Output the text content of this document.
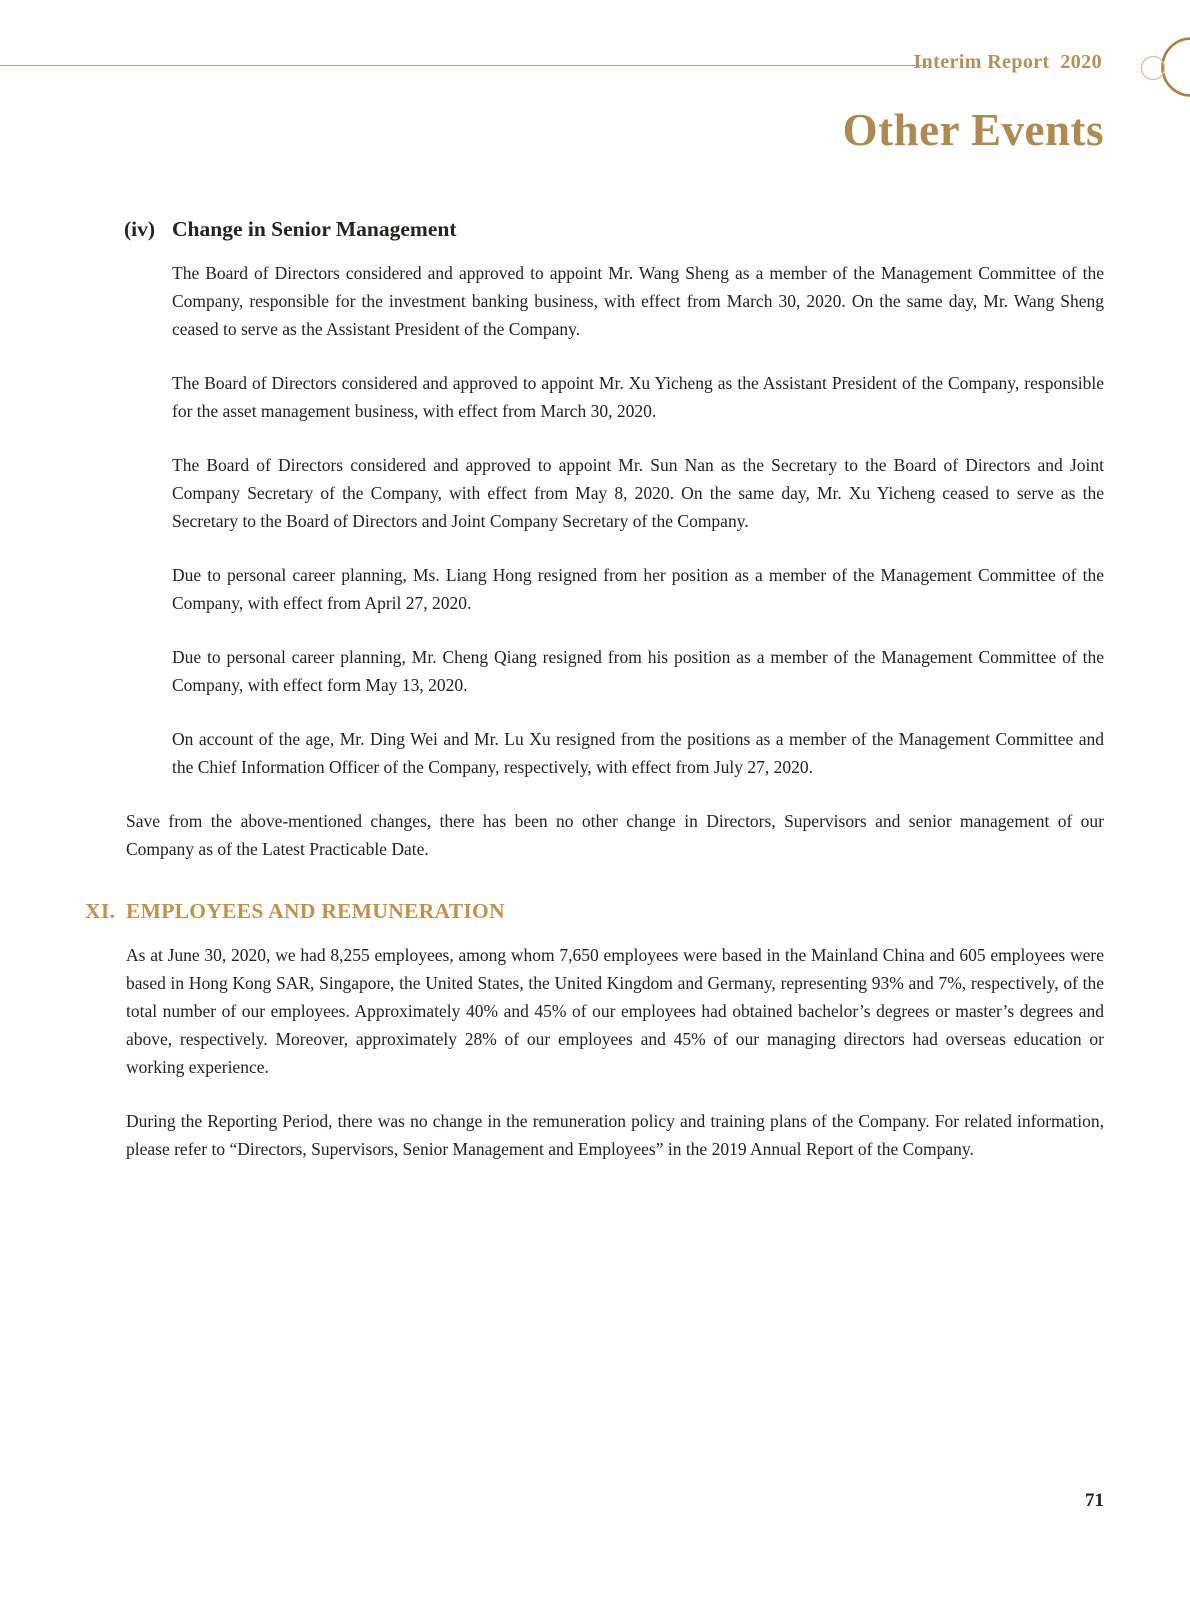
Interim Report  2020
Other Events
(iv) Change in Senior Management

The Board of Directors considered and approved to appoint Mr. Wang Sheng as a member of the Management Committee of the Company, responsible for the investment banking business, with effect from March 30, 2020. On the same day, Mr. Wang Sheng ceased to serve as the Assistant President of the Company.

The Board of Directors considered and approved to appoint Mr. Xu Yicheng as the Assistant President of the Company, responsible for the asset management business, with effect from March 30, 2020.

The Board of Directors considered and approved to appoint Mr. Sun Nan as the Secretary to the Board of Directors and Joint Company Secretary of the Company, with effect from May 8, 2020. On the same day, Mr. Xu Yicheng ceased to serve as the Secretary to the Board of Directors and Joint Company Secretary of the Company.

Due to personal career planning, Ms. Liang Hong resigned from her position as a member of the Management Committee of the Company, with effect from April 27, 2020.

Due to personal career planning, Mr. Cheng Qiang resigned from his position as a member of the Management Committee of the Company, with effect form May 13, 2020.

On account of the age, Mr. Ding Wei and Mr. Lu Xu resigned from the positions as a member of the Management Committee and the Chief Information Officer of the Company, respectively, with effect from July 27, 2020.

Save from the above-mentioned changes, there has been no other change in Directors, Supervisors and senior management of our Company as of the Latest Practicable Date.

XI. EMPLOYEES AND REMUNERATION

As at June 30, 2020, we had 8,255 employees, among whom 7,650 employees were based in the Mainland China and 605 employees were based in Hong Kong SAR, Singapore, the United States, the United Kingdom and Germany, representing 93% and 7%, respectively, of the total number of our employees. Approximately 40% and 45% of our employees had obtained bachelor’s degrees or master’s degrees and above, respectively. Moreover, approximately 28% of our employees and 45% of our managing directors had overseas education or working experience.

During the Reporting Period, there was no change in the remuneration policy and training plans of the Company. For related information, please refer to “Directors, Supervisors, Senior Management and Employees” in the 2019 Annual Report of the Company.

71
